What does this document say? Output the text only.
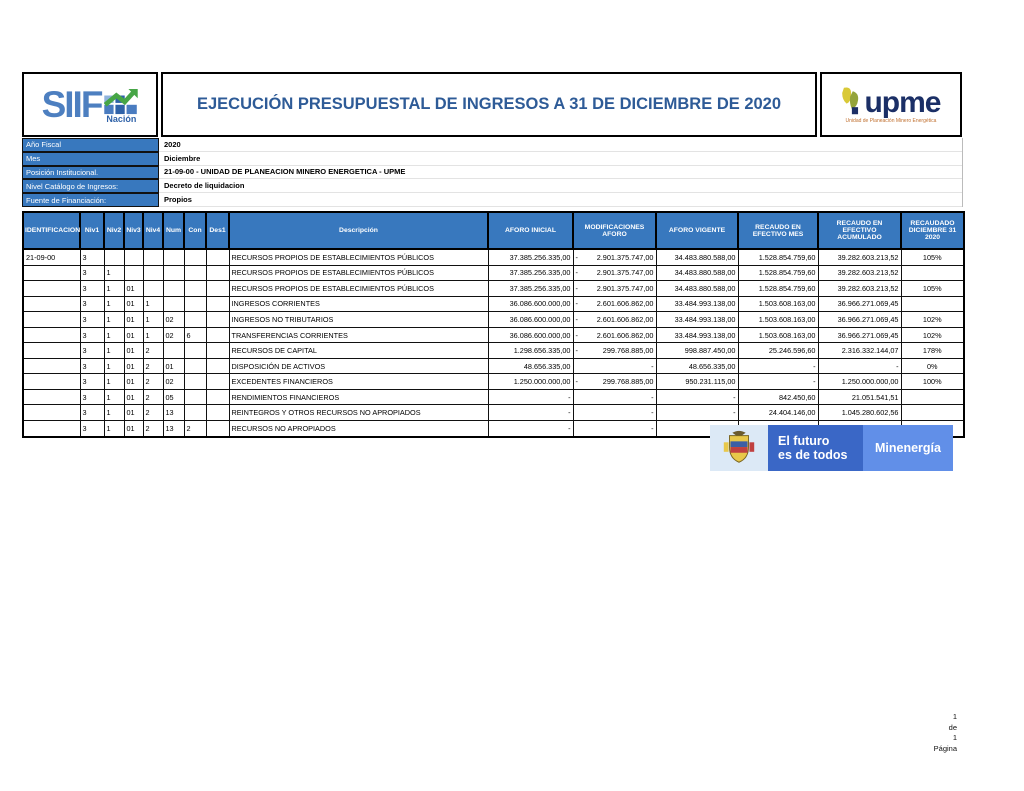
SIIF Nación
EJECUCIÓN PRESUPUESTAL DE INGRESOS A 31 DE DICIEMBRE DE 2020	upme
Unidad de Planeación Minero Energética
Año Fiscal	2020
Mes	Diciembre
Posición Institucional.	21-09-00 - UNIDAD DE PLANEACION MINERO ENERGETICA - UPME
Nivel Catálogo de Ingresos:	Decreto de liquidacion
Fuente de Financiación:	Propios
IDENTIFICACION	Niv1	Niv2	Niv3	Niv4	Num	Con	Des1	Descripción	AFORO INICIAL	MODIFICACIONES AFORO	AFORO VIGENTE	RECAUDO EN EFECTIVO MES	RECAUDO EN EFECTIVO ACUMULADO	RECAUDADO DICIEMBRE 31 2020
21-09-00	3							RECURSOS PROPIOS DE ESTABLECIMIENTOS PÚBLICOS	37.385.256.335,00	- 2.901.375.747,00	34.483.880.588,00	1.528.854.759,60	39.282.603.213,52	105%
	3	1						RECURSOS PROPIOS DE ESTABLECIMIENTOS PÚBLICOS	37.385.256.335,00	- 2.901.375.747,00	34.483.880.588,00	1.528.854.759,60	39.282.603.213,52	
	3	1	01					RECURSOS PROPIOS DE ESTABLECIMIENTOS PÚBLICOS	37.385.256.335,00	- 2.901.375.747,00	34.483.880.588,00	1.528.854.759,60	39.282.603.213,52	105%
	3	1	01	1				INGRESOS CORRIENTES	36.086.600.000,00	- 2.601.606.862,00	33.484.993.138,00	1.503.608.163,00	36.966.271.069,45	
	3	1	01	1	02			INGRESOS NO TRIBUTARIOS	36.086.600.000,00	- 2.601.606.862,00	33.484.993.138,00	1.503.608.163,00	36.966.271.069,45	102%
	3	1	01	1	02	6		TRANSFERENCIAS CORRIENTES	36.086.600.000,00	- 2.601.606.862,00	33.484.993.138,00	1.503.608.163,00	36.966.271.069,45	102%
	3	1	01	2				RECURSOS DE CAPITAL	1.298.656.335,00	- 299.768.885,00	998.887.450,00	25.246.596,60	2.316.332.144,07	178%
	3	1	01	2	01			DISPOSICIÓN DE ACTIVOS	48.656.335,00	-	48.656.335,00	-	-	0%
	3	1	01	2	02			EXCEDENTES FINANCIEROS	1.250.000.000,00	- 299.768.885,00	950.231.115,00	-	1.250.000.000,00	100%
	3	1	01	2	05			RENDIMIENTOS FINANCIEROS	-	-	-	842.450,60	21.051.541,51	
	3	1	01	2	13			REINTEGROS Y OTROS RECURSOS NO APROPIADOS	-	-	-	24.404.146,00	1.045.280.602,56	
	3	1	01	2	13	2		RECURSOS NO APROPIADOS	-	-				
El futuro
es de todos	Minenergía
1
de
1
Página
